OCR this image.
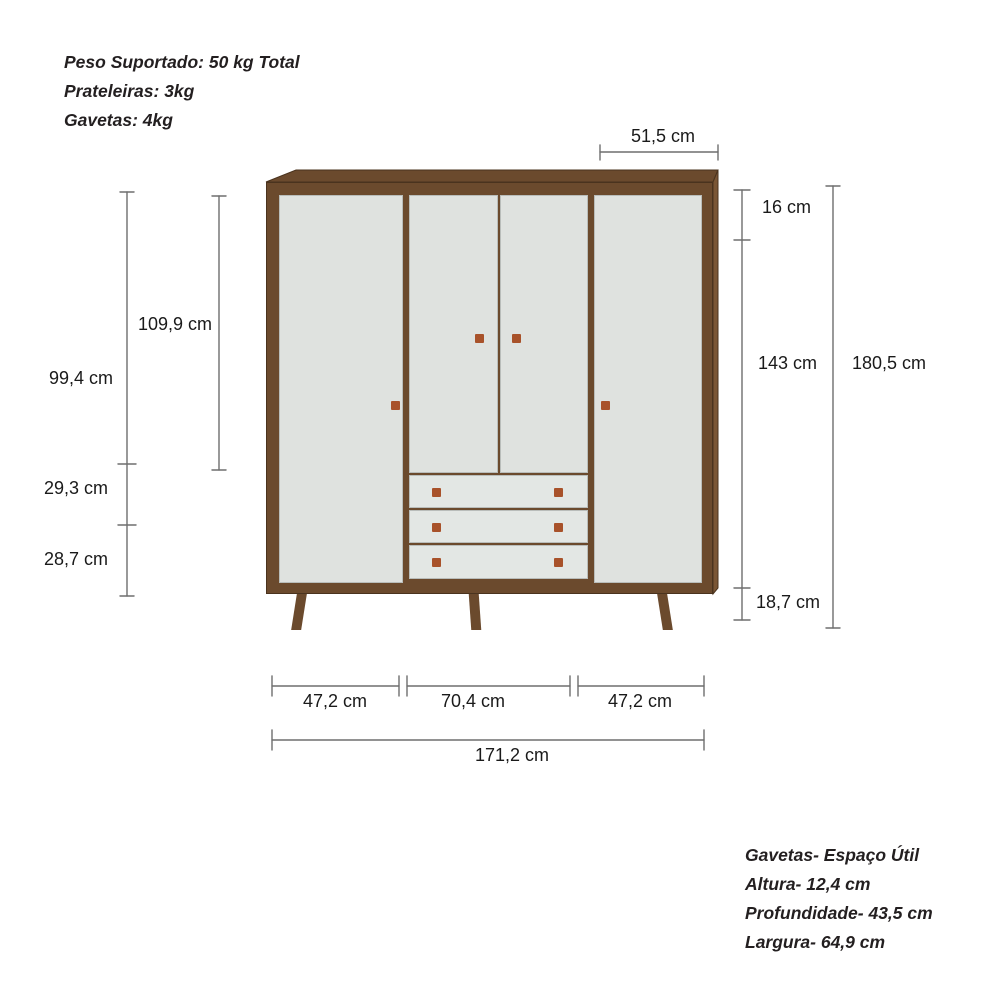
Peso Suportado: 50 kg Total
Prateleiras: 3kg
Gavetas: 4kg
51,5 cm
109,9 cm
99,4 cm
29,3 cm
28,7 cm
16 cm
143 cm
18,7 cm
180,5 cm
47,2 cm	70,4 cm	47,2 cm
171,2 cm
Gavetas- Espaço Útil
Altura- 12,4 cm
Profundidade- 43,5 cm
Largura- 64,9 cm
